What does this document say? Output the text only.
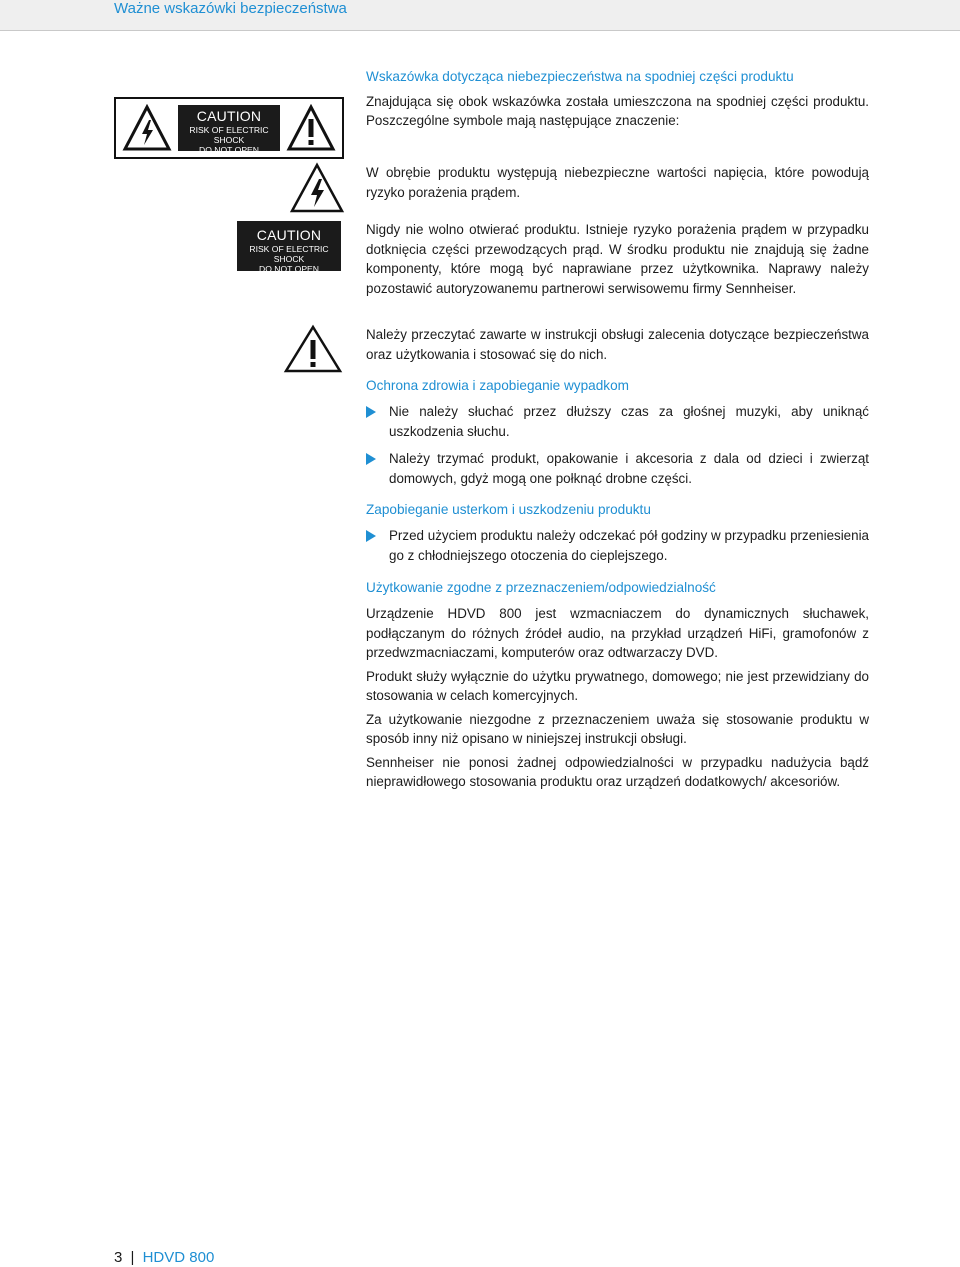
Ważne wskazówki bezpieczeństwa
CAUTION
RISK OF ELECTRIC SHOCK
DO NOT OPEN
CAUTION
RISK OF ELECTRIC SHOCK
DO NOT OPEN
Wskazówka dotycząca niebezpieczeństwa na spodniej części produktu

Znajdująca się obok wskazówka została umieszczona na spodniej części produktu. Poszczególne symbole mają następujące znaczenie:

W obrębie produktu występują niebezpieczne wartości napięcia, które powodują ryzyko porażenia prądem.

Nigdy nie wolno otwierać produktu. Istnieje ryzyko porażenia prądem w przypadku dotknięcia części przewodzących prąd. W środku produktu nie znajdują się żadne komponenty, które mogą być naprawiane przez użytkownika. Naprawy należy pozostawić autoryzowanemu partnerowi serwisowemu firmy Sennheiser.

Należy przeczytać zawarte w instrukcji obsługi zalecenia dotyczące bezpieczeństwa oraz użytkowania i stosować się do nich.

Ochrona zdrowia i zapobieganie wypadkom
Nie należy słuchać przez dłuższy czas za głośnej muzyki, aby uniknąć uszkodzenia słuchu.
Należy trzymać produkt, opakowanie i akcesoria z dala od dzieci i zwierząt domowych, gdyż mogą one połknąć drobne części.
Zapobieganie usterkom i uszkodzeniu produktu
Przed użyciem produktu należy odczekać pół godziny w przypadku przeniesienia go z chłodniejszego otoczenia do cieplejszego.
Użytkowanie zgodne z przeznaczeniem/odpowiedzialność

Urządzenie HDVD 800 jest wzmacniaczem do dynamicznych słuchawek, podłączanym do różnych źródeł audio, na przykład urządzeń HiFi, gramofonów z przedwzmacniaczami, komputerów oraz odtwarzaczy DVD.

Produkt służy wyłącznie do użytku prywatnego, domowego; nie jest przewidziany do stosowania w celach komercyjnych.

Za użytkowanie niezgodne z przeznaczeniem uważa się stosowanie produktu w sposób inny niż opisano w niniejszej instrukcji obsługi.

Sennheiser nie ponosi żadnej odpowiedzialności w przypadku nadużycia bądź nieprawidłowego stosowania produktu oraz urządzeń dodatkowych/ akcesoriów.

3 | HDVD 800
